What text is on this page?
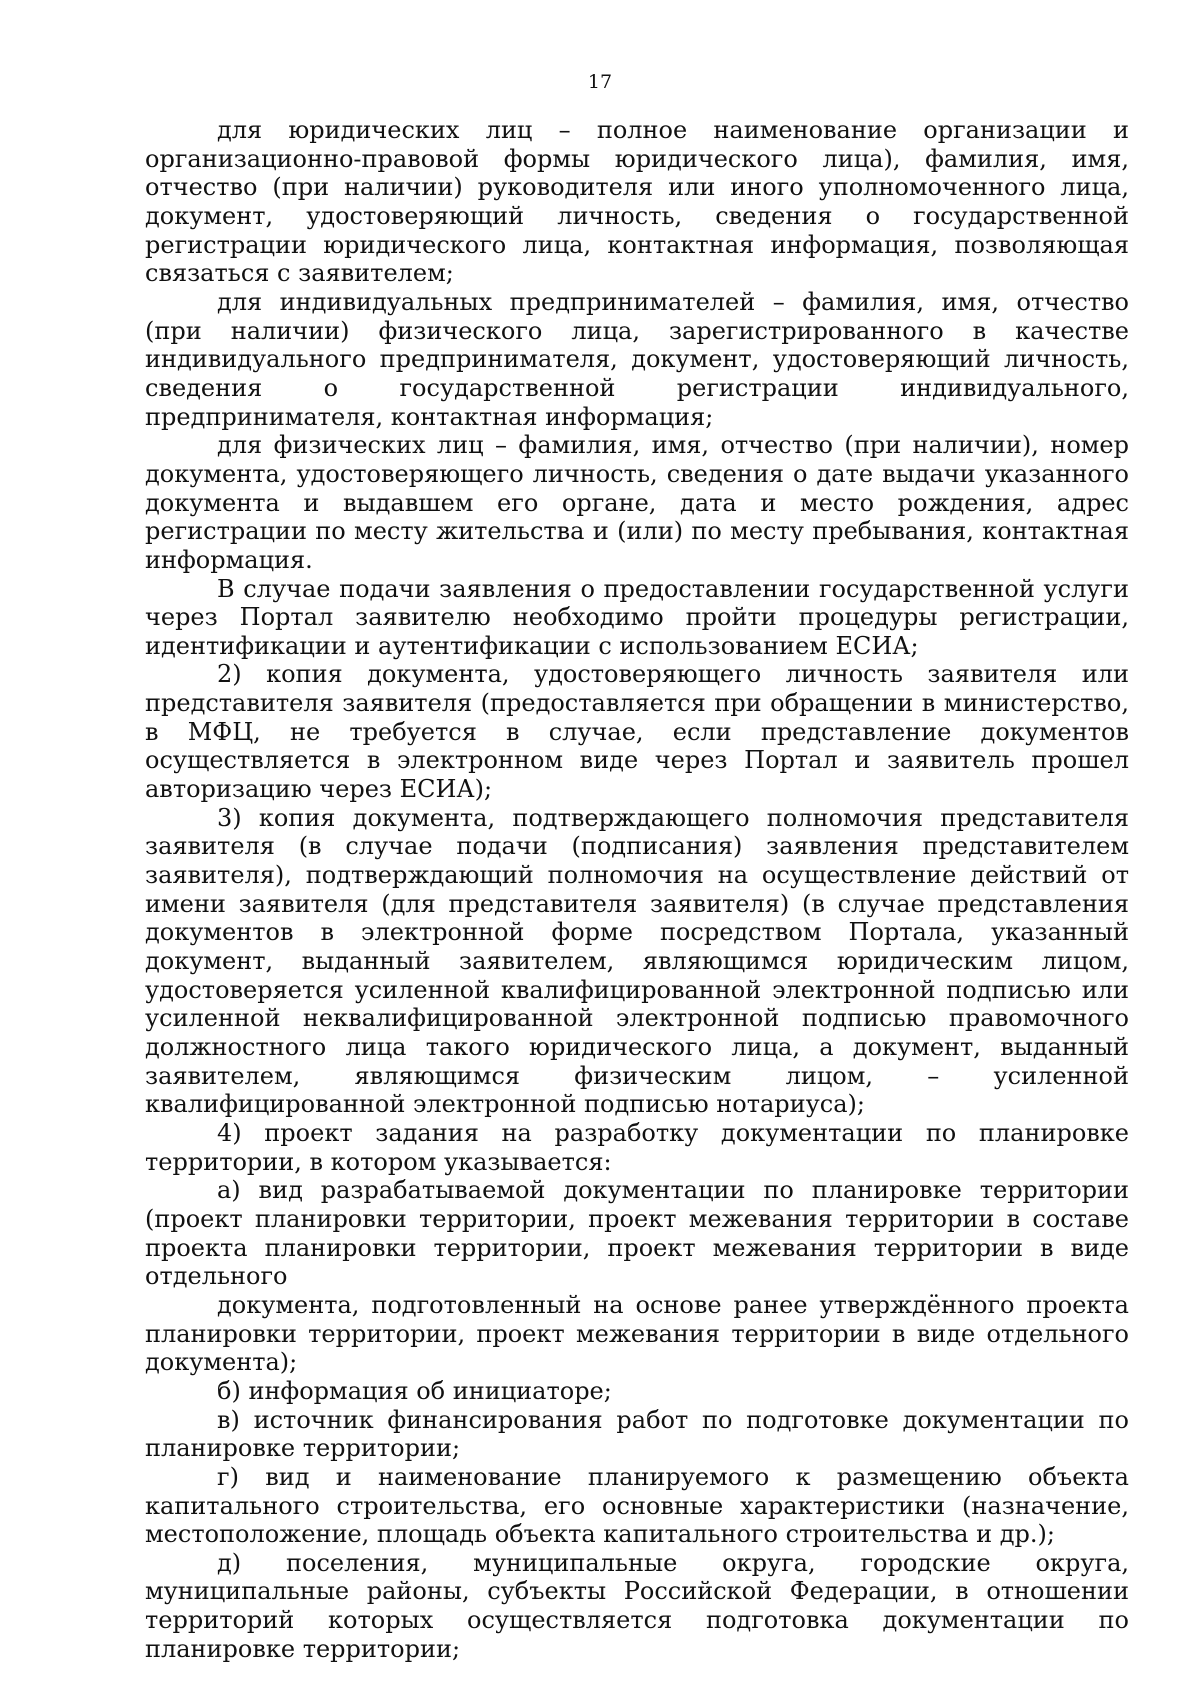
17

для юридических лиц – полное наименование организации и организационно-правовой формы юридического лица), фамилия, имя, отчество (при наличии) руководителя или иного уполномоченного лица, документ, удостоверяющий личность, сведения о государственной регистрации юридического лица, контактная информация, позволяющая связаться с заявителем;

для индивидуальных предпринимателей – фамилия, имя, отчество (при наличии) физического лица, зарегистрированного в качестве индивидуального предпринимателя, документ, удостоверяющий личность, сведения о государственной регистрации индивидуального, предпринимателя, контактная информация;

для физических лиц – фамилия, имя, отчество (при наличии), номер документа, удостоверяющего личность, сведения о дате выдачи указанного документа и выдавшем его органе, дата и место рождения, адрес регистрации по месту жительства и (или) по месту пребывания, контактная информация.

В случае подачи заявления о предоставлении государственной услуги через Портал заявителю необходимо пройти процедуры регистрации, идентификации и аутентификации с использованием ЕСИА;

2) копия документа, удостоверяющего личность заявителя или представителя заявителя (предоставляется при обращении в министерство, в МФЦ, не требуется в случае, если представление документов осуществляется в электронном виде через Портал и заявитель прошел авторизацию через ЕСИА);

3) копия документа, подтверждающего полномочия представителя заявителя (в случае подачи (подписания) заявления представителем заявителя), подтверждающий полномочия на осуществление действий от имени заявителя (для представителя заявителя) (в случае представления документов в электронной форме посредством Портала, указанный документ, выданный заявителем, являющимся юридическим лицом, удостоверяется усиленной квалифицированной электронной подписью или усиленной неквалифицированной электронной подписью правомочного должностного лица такого юридического лица, а документ, выданный заявителем, являющимся физическим лицом, – усиленной квалифицированной электронной подписью нотариуса);

4) проект задания на разработку документации по планировке территории, в котором указывается:

а) вид разрабатываемой документации по планировке территории (проект планировки территории, проект межевания территории в составе проекта планировки территории, проект межевания территории в виде отдельного

документа, подготовленный на основе ранее утверждённого проекта планировки территории, проект межевания территории в виде отдельного документа);

б) информация об инициаторе;

в) источник финансирования работ по подготовке документации по планировке территории;

г) вид и наименование планируемого к размещению объекта капитального строительства, его основные характеристики (назначение, местоположение, площадь объекта капитального строительства и др.);

д) поселения, муниципальные округа, городские округа, муниципальные районы, субъекты Российской Федерации, в отношении территорий которых осуществляется подготовка документации по планировке территории;
